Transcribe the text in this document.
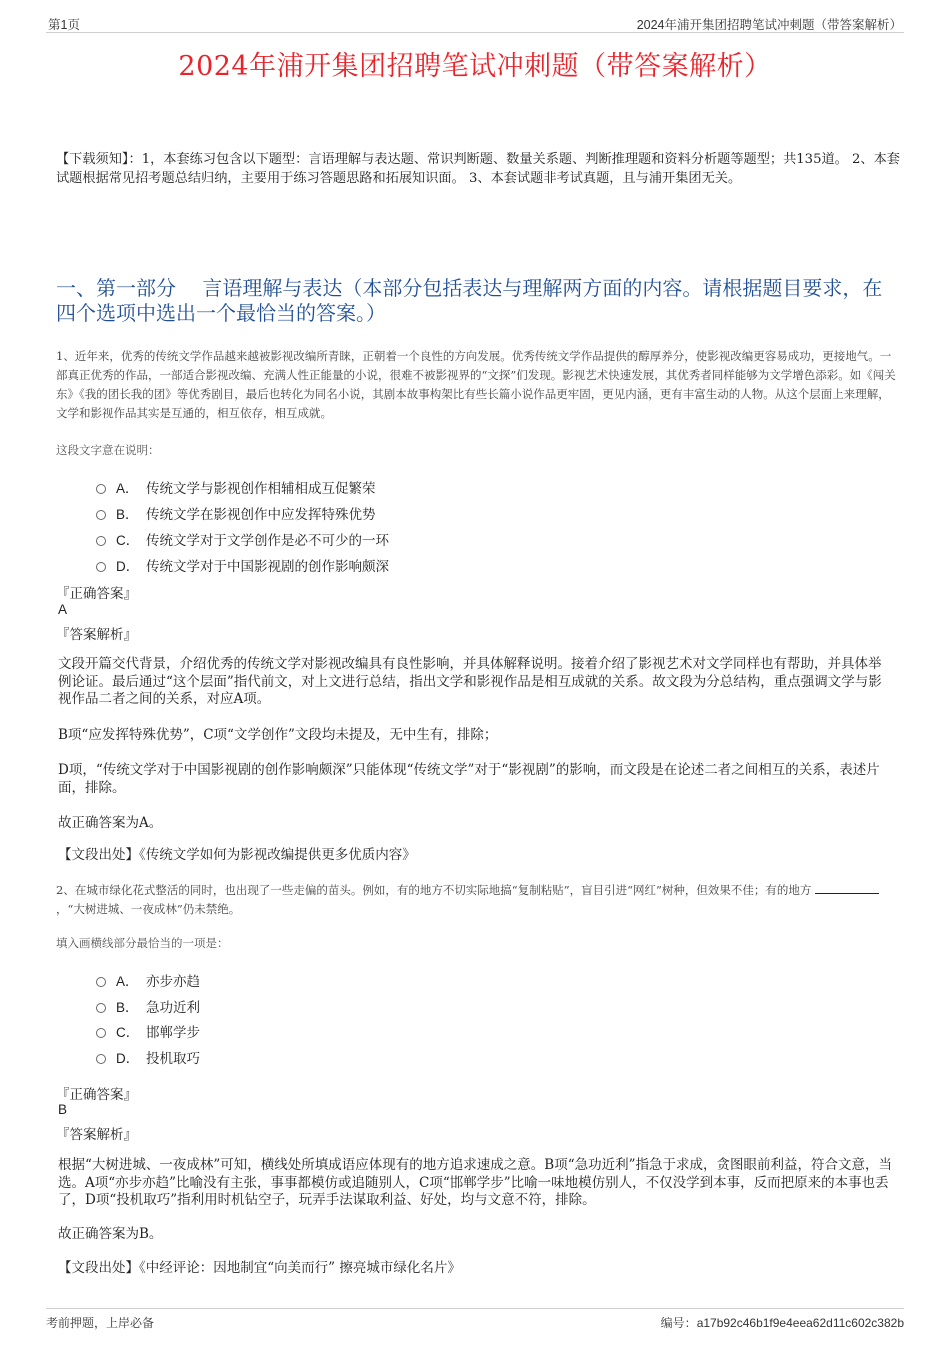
第1页	2024年浦开集团招聘笔试冲刺题（带答案解析）
2024年浦开集团招聘笔试冲刺题（带答案解析）
【下载须知】：1，本套练习包含以下题型：言语理解与表达题、常识判断题、数量关系题、判断推理题和资料分析题等题型；共135道。 2、本套试题根据常见招考题总结归纳，主要用于练习答题思路和拓展知识面。 3、本套试题非考试真题，且与浦开集团无关。
一、第一部分　 言语理解与表达（本部分包括表达与理解两方面的内容。请根据题目要求，在四个选项中选出一个最恰当的答案。）
1、近年来，优秀的传统文学作品越来越被影视改编所青睐，正朝着一个良性的方向发展。优秀传统文学作品提供的醇厚养分，使影视改编更容易成功，更接地气。一部真正优秀的作品，一部适合影视改编、充满人性正能量的小说，很难不被影视界的“文探”们发现。影视艺术快速发展，其优秀者同样能够为文学增色添彩。如《闯关东》《我的团长我的团》等优秀剧目，最后也转化为同名小说，其剧本故事构架比有些长篇小说作品更牢固，更见内涵，更有丰富生动的人物。从这个层面上来理解，文学和影视作品其实是互通的，相互依存，相互成就。
这段文字意在说明：
A． 传统文学与影视创作相辅相成互促繁荣
B． 传统文学在影视创作中应发挥特殊优势
C． 传统文学对于文学创作是必不可少的一环
D． 传统文学对于中国影视剧的创作影响颇深
『正确答案』
A
『答案解析』
文段开篇交代背景，介绍优秀的传统文学对影视改编具有良性影响，并具体解释说明。接着介绍了影视艺术对文学同样也有帮助，并具体举例论证。最后通过“这个层面”指代前文，对上文进行总结，指出文学和影视作品是相互成就的关系。故文段为分总结构，重点强调文学与影视作品二者之间的关系，对应A项。
B项“应发挥特殊优势”，C项“文学创作”文段均未提及，无中生有，排除；
D项，“传统文学对于中国影视剧的创作影响颇深”只能体现“传统文学”对于“影视剧”的影响，而文段是在论述二者之间相互的关系，表述片面，排除。
故正确答案为A。
【文段出处】《传统文学如何为影视改编提供更多优质内容》
2、在城市绿化花式整活的同时，也出现了一些走偏的苗头。例如，有的地方不切实际地搞“复制粘贴”，盲目引进“网红”树种，但效果不佳；有的地方，“大树进城、一夜成林”仍未禁绝。
填入画横线部分最恰当的一项是：
A． 亦步亦趋
B． 急功近利
C． 邯郸学步
D． 投机取巧
『正确答案』
B
『答案解析』
根据“大树进城、一夜成林”可知，横线处所填成语应体现有的地方追求速成之意。B项“急功近利”指急于求成，贪图眼前利益，符合文意，当选。A项“亦步亦趋”比喻没有主张，事事都模仿或追随别人，C项“邯郸学步”比喻一味地模仿别人，不仅没学到本事，反而把原来的本事也丢了，D项“投机取巧”指利用时机钻空子，玩弄手法谋取利益、好处，均与文意不符，排除。
故正确答案为B。
【文段出处】《中经评论：因地制宜“向美而行” 擦亮城市绿化名片》
考前押题，上岸必备	编号：a17b92c46b1f9e4eea62d11c602c382b
